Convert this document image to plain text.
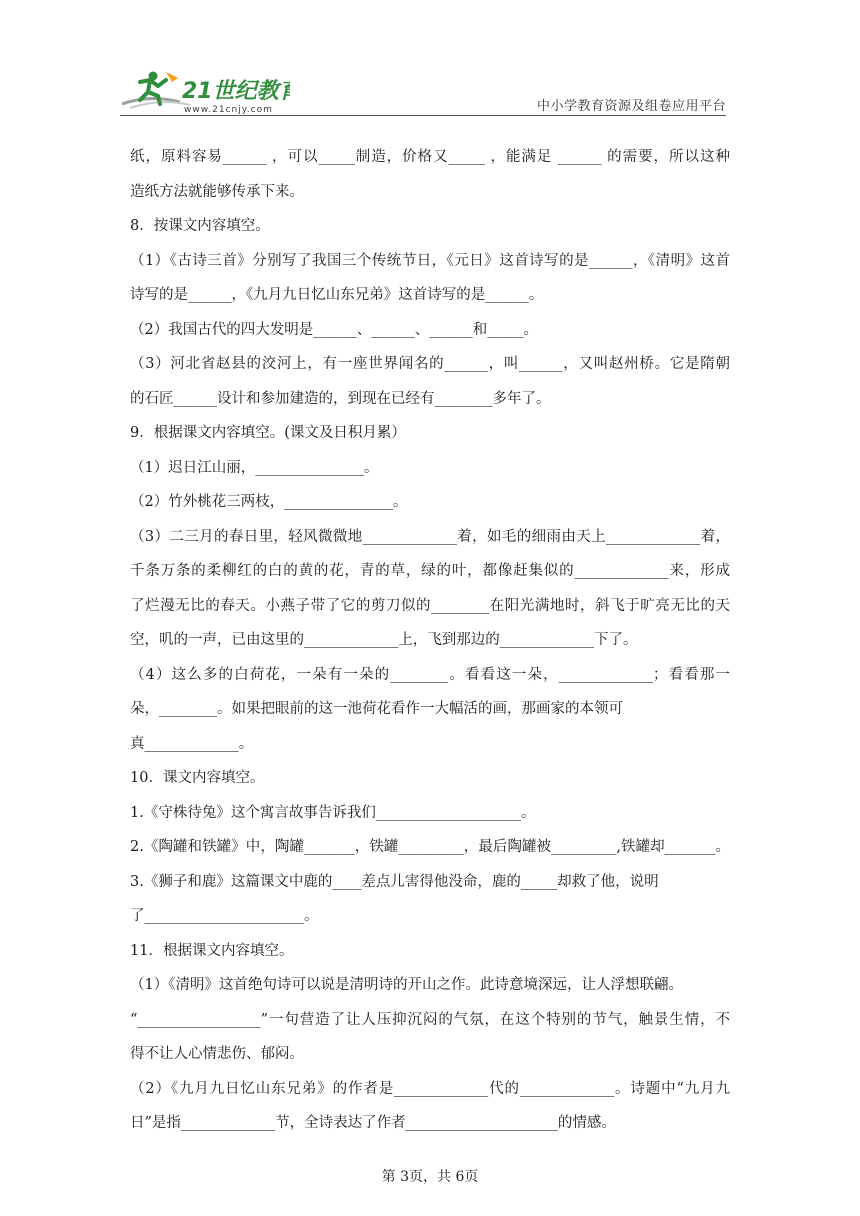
21世纪教育
www.21cnjy.com	中小学教育资源及组卷应用平台
纸，原料容易______ ，可以_____制造，价格又_____ ，能满足 ______ 的需要，所以这种
造纸方法就能够传承下来。
8．按课文内容填空。
（1）《古诗三首》分别写了我国三个传统节日，《元日》这首诗写的是______，《清明》这首
诗写的是______，《九月九日忆山东兄弟》这首诗写的是______。
（2）我国古代的四大发明是______、______、______和_____。
（3）河北省赵县的洨河上，有一座世界闻名的______，叫______，又叫赵州桥。它是隋朝
的石匠______设计和参加建造的，到现在已经有________多年了。
9．根据课文内容填空。(课文及日积月累）
（1）迟日江山丽，_______________。
（2）竹外桃花三两枝，_______________。
（3）二三月的春日里，轻风微微地_____________着，如毛的细雨由天上_____________着，
千条万条的柔柳红的白的黄的花，青的草，绿的叶，都像赶集似的_____________来，形成
了烂漫无比的春天。小燕子带了它的剪刀似的________在阳光满地时，斜飞于旷亮无比的天
空，叽的一声，已由这里的_____________上，飞到那边的_____________下了。
（4）这么多的白荷花，一朵有一朵的________。看看这一朵，_____________；看看那一
朵，________。如果把眼前的这一池荷花看作一大幅活的画，那画家的本领可
真_____________。
10．课文内容填空。
1.《守株待兔》这个寓言故事告诉我们____________________。
2.《陶罐和铁罐》中，陶罐_______，铁罐_________，最后陶罐被_________,铁罐却_______。
3.《狮子和鹿》这篇课文中鹿的____差点儿害得他没命，鹿的_____却救了他，说明
了______________________。
11．根据课文内容填空。
（1）《清明》这首绝句诗可以说是清明诗的开山之作。此诗意境深远，让人浮想联翩。
“_________________”一句营造了让人压抑沉闷的气氛，在这个特别的节气，触景生情，不
得不让人心情悲伤、郁闷。
（2）《九月九日忆山东兄弟》的作者是_____________代的_____________。诗题中“九月九
日”是指_____________节，全诗表达了作者_____________________的情感。
第 3页，共 6页
